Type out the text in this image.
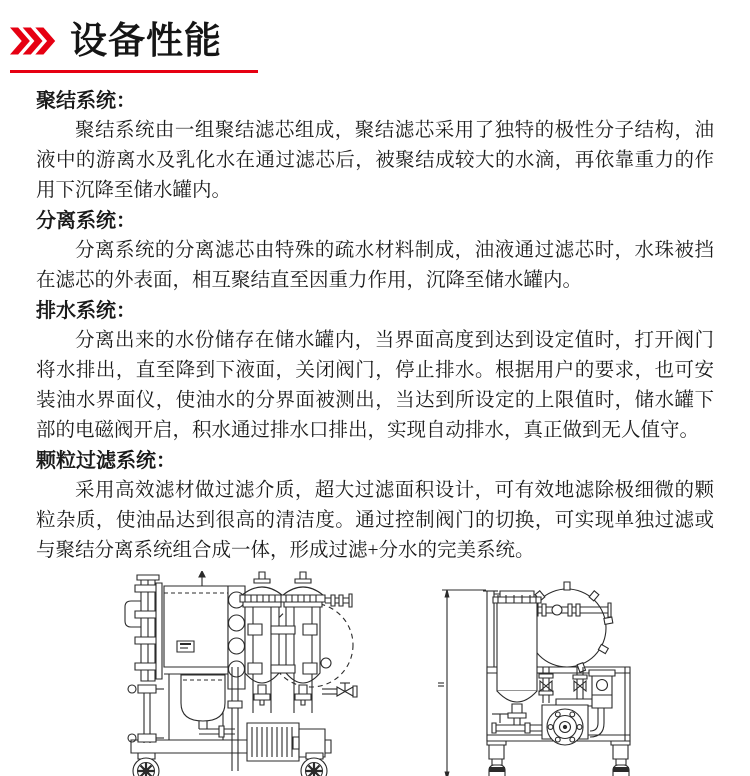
设备性能
聚结系统：

聚结系统由一组聚结滤芯组成，聚结滤芯采用了独特的极性分子结构，油液中的游离水及乳化水在通过滤芯后，被聚结成较大的水滴，再依靠重力的作用下沉降至储水罐内。

分离系统：

分离系统的分离滤芯由特殊的疏水材料制成，油液通过滤芯时，水珠被挡在滤芯的外表面，相互聚结直至因重力作用，沉降至储水罐内。

排水系统：

分离出来的水份储存在储水罐内，当界面高度到达到设定值时，打开阀门将水排出，直至降到下液面，关闭阀门，停止排水。根据用户的要求，也可安装油水界面仪，使油水的分界面被测出，当达到所设定的上限值时，储水罐下部的电磁阀开启，积水通过排水口排出，实现自动排水，真正做到无人值守。

颗粒过滤系统：

采用高效滤材做过滤介质，超大过滤面积设计，可有效地滤除极细微的颗粒杂质，使油品达到很高的清洁度。通过控制阀门的切换，可实现单独过滤或与聚结分离系统组合成一体，形成过滤+分水的完美系统。
